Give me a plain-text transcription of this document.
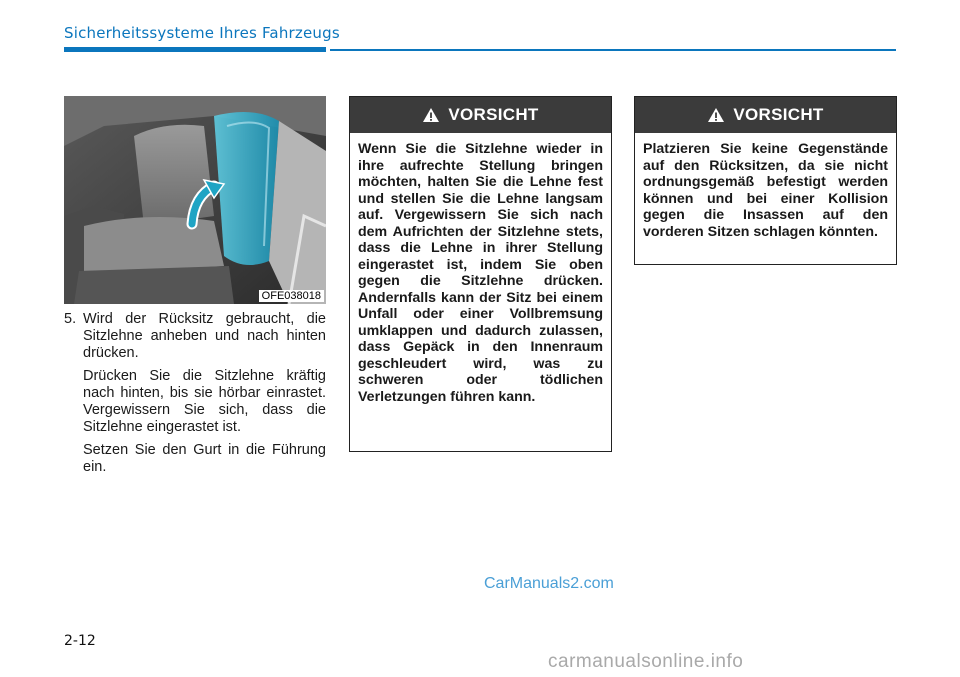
Sicherheitssysteme Ihres Fahrzeugs
OFE038018
5. Wird der Rücksitz gebraucht, die Sitzlehne anheben und nach hinten drücken.

Drücken Sie die Sitzlehne kräftig nach hinten, bis sie hörbar einrastet. Vergewissern Sie sich, dass die Sitzlehne eingerastet ist.

Setzen Sie den Gurt in die Führung ein.

VORSICHT
Wenn Sie die Sitzlehne wieder in ihre aufrechte Stellung bringen möchten, halten Sie die Lehne fest und stellen Sie die Lehne langsam auf. Vergewissern Sie sich nach dem Aufrichten der Sitzlehne stets, dass die Lehne in ihrer Stellung eingerastet ist, indem Sie oben gegen die Sitzlehne drücken. Andernfalls kann der Sitz bei einem Unfall oder einer Vollbremsung umklappen und dadurch zulassen, dass Gepäck in den Innenraum geschleudert wird, was zu schweren oder tödlichen Verletzungen führen kann.
VORSICHT
Platzieren Sie keine Gegenstände auf den Rücksitzen, da sie nicht ordnungsgemäß befestigt werden können und bei einer Kollision gegen die Insassen auf den vorderen Sitzen schlagen könnten.
CarManuals2.com
2-12
carmanualsonline.info
